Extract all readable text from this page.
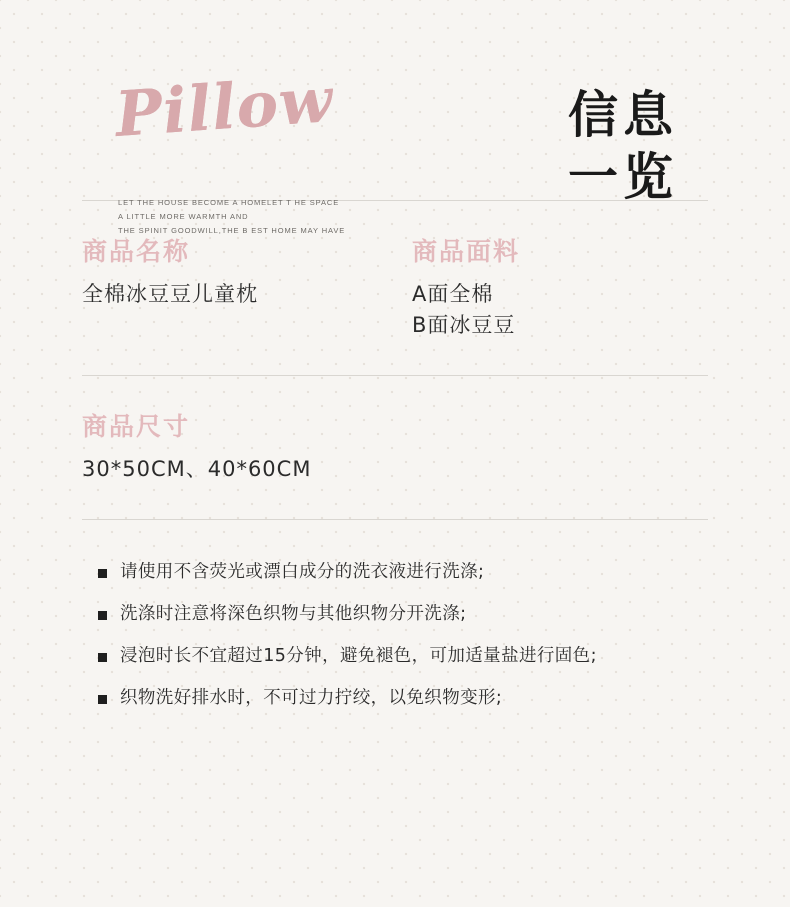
Pillow
LET THE HOUSE BECOME A HOMELET T HE SPACE
A LITTLE MORE WARMTH AND
THE SPINIT GOODWILL,THE B EST HOME MAY HAVE
信息
一览
商品名称
全棉冰豆豆儿童枕
商品面料
A面全棉
B面冰豆豆
商品尺寸
30*50CM、40*60CM
请使用不含荧光或漂白成分的洗衣液进行洗涤;
洗涤时注意将深色织物与其他织物分开洗涤;
浸泡时长不宜超过15分钟，避免褪色，可加适量盐进行固色;
织物洗好排水时，不可过力拧绞，以免织物变形;
